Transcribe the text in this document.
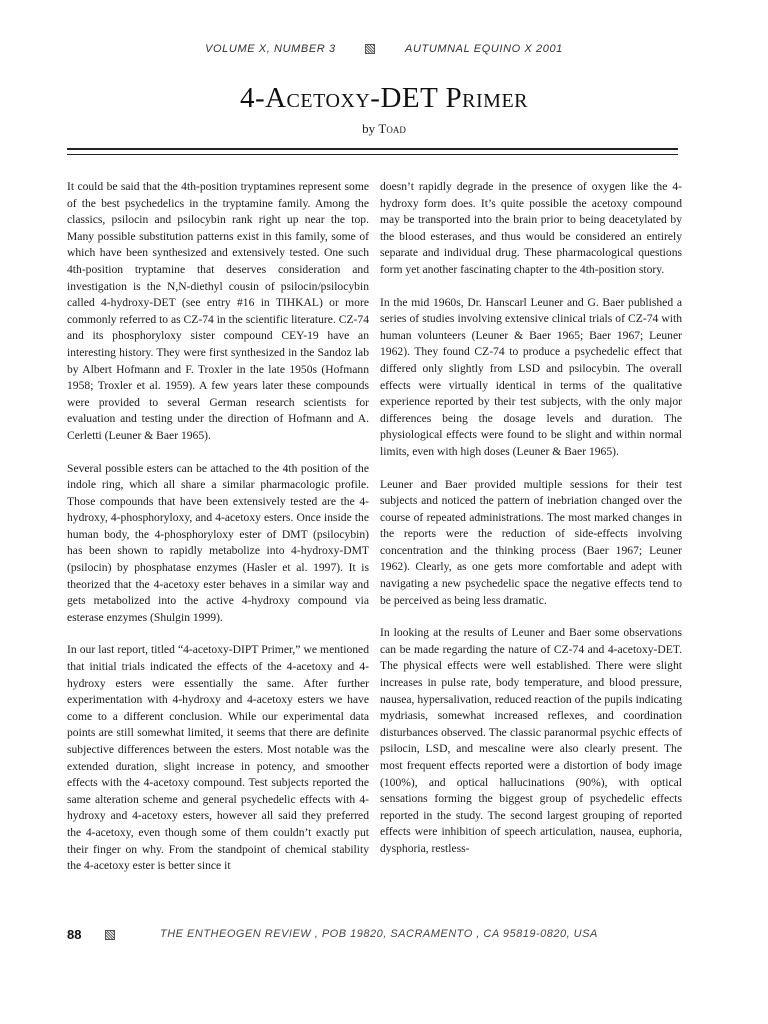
VOLUME X, NUMBER 3	AUTUMNAL EQUINO X 2001
4-Acetoxy-DET Primer
by Toad

It could be said that the 4th-position tryptamines represent some of the best psychedelics in the tryptamine family. Among the classics, psilocin and psilocybin rank right up near the top. Many possible substitution patterns exist in this family, some of which have been synthesized and extensively tested. One such 4th-position tryptamine that deserves consideration and investigation is the N,N-diethyl cousin of psilocin/psilocybin called 4-hydroxy-DET (see entry #16 in TIHKAL) or more commonly referred to as CZ-74 in the scientific literature. CZ-74 and its phosphoryloxy sister compound CEY-19 have an interesting history. They were first synthesized in the Sandoz lab by Albert Hofmann and F. Troxler in the late 1950s (Hofmann 1958; Troxler et al. 1959). A few years later these compounds were provided to several German research scientists for evaluation and testing under the direction of Hofmann and A. Cerletti (Leuner & Baer 1965).

Several possible esters can be attached to the 4th position of the indole ring, which all share a similar pharmacologic profile. Those compounds that have been extensively tested are the 4-hydroxy, 4-phosphoryloxy, and 4-acetoxy esters. Once inside the human body, the 4-phosphoryloxy ester of DMT (psilocybin) has been shown to rapidly metabolize into 4-hydroxy-DMT (psilocin) by phosphatase enzymes (Hasler et al. 1997). It is theorized that the 4-acetoxy ester behaves in a similar way and gets metabolized into the active 4-hydroxy compound via esterase enzymes (Shulgin 1999).

In our last report, titled “4-acetoxy-DIPT Primer,” we mentioned that initial trials indicated the effects of the 4-acetoxy and 4-hydroxy esters were essentially the same. After further experimentation with 4-hydroxy and 4-acetoxy esters we have come to a different conclusion. While our experimental data points are still somewhat limited, it seems that there are definite subjective differences between the esters. Most notable was the extended duration, slight increase in potency, and smoother effects with the 4-acetoxy compound. Test subjects reported the same alteration scheme and general psychedelic effects with 4-hydroxy and 4-acetoxy esters, however all said they preferred the 4-acetoxy, even though some of them couldn’t exactly put their finger on why. From the standpoint of chemical stability the 4-acetoxy ester is better since it

doesn’t rapidly degrade in the presence of oxygen like the 4-hydroxy form does. It’s quite possible the acetoxy compound may be transported into the brain prior to being deacetylated by the blood esterases, and thus would be considered an entirely separate and individual drug. These pharmacological questions form yet another fascinating chapter to the 4th-position story.

In the mid 1960s, Dr. Hanscarl Leuner and G. Baer published a series of studies involving extensive clinical trials of CZ-74 with human volunteers (Leuner & Baer 1965; Baer 1967; Leuner 1962). They found CZ-74 to produce a psychedelic effect that differed only slightly from LSD and psilocybin. The overall effects were virtually identical in terms of the qualitative experience reported by their test subjects, with the only major differences being the dosage levels and duration. The physiological effects were found to be slight and within normal limits, even with high doses (Leuner & Baer 1965).

Leuner and Baer provided multiple sessions for their test subjects and noticed the pattern of inebriation changed over the course of repeated administrations. The most marked changes in the reports were the reduction of side-effects involving concentration and the thinking process (Baer 1967; Leuner 1962). Clearly, as one gets more comfortable and adept with navigating a new psychedelic space the negative effects tend to be perceived as being less dramatic.

In looking at the results of Leuner and Baer some observations can be made regarding the nature of CZ-74 and 4-acetoxy-DET. The physical effects were well established. There were slight increases in pulse rate, body temperature, and blood pressure, nausea, hypersalivation, reduced reaction of the pupils indicating mydriasis, somewhat increased reflexes, and coordination disturbances observed. The classic paranormal psychic effects of psilocin, LSD, and mescaline were also clearly present. The most frequent effects reported were a distortion of body image (100%), and optical hallucinations (90%), with optical sensations forming the biggest group of psychedelic effects reported in the study. The second largest grouping of reported effects were inhibition of speech articulation, nausea, euphoria, dysphoria, restless-

88	THE ENTHEOGEN REVIEW , POB 19820, SACRAMENTO , CA 95819-0820, USA
